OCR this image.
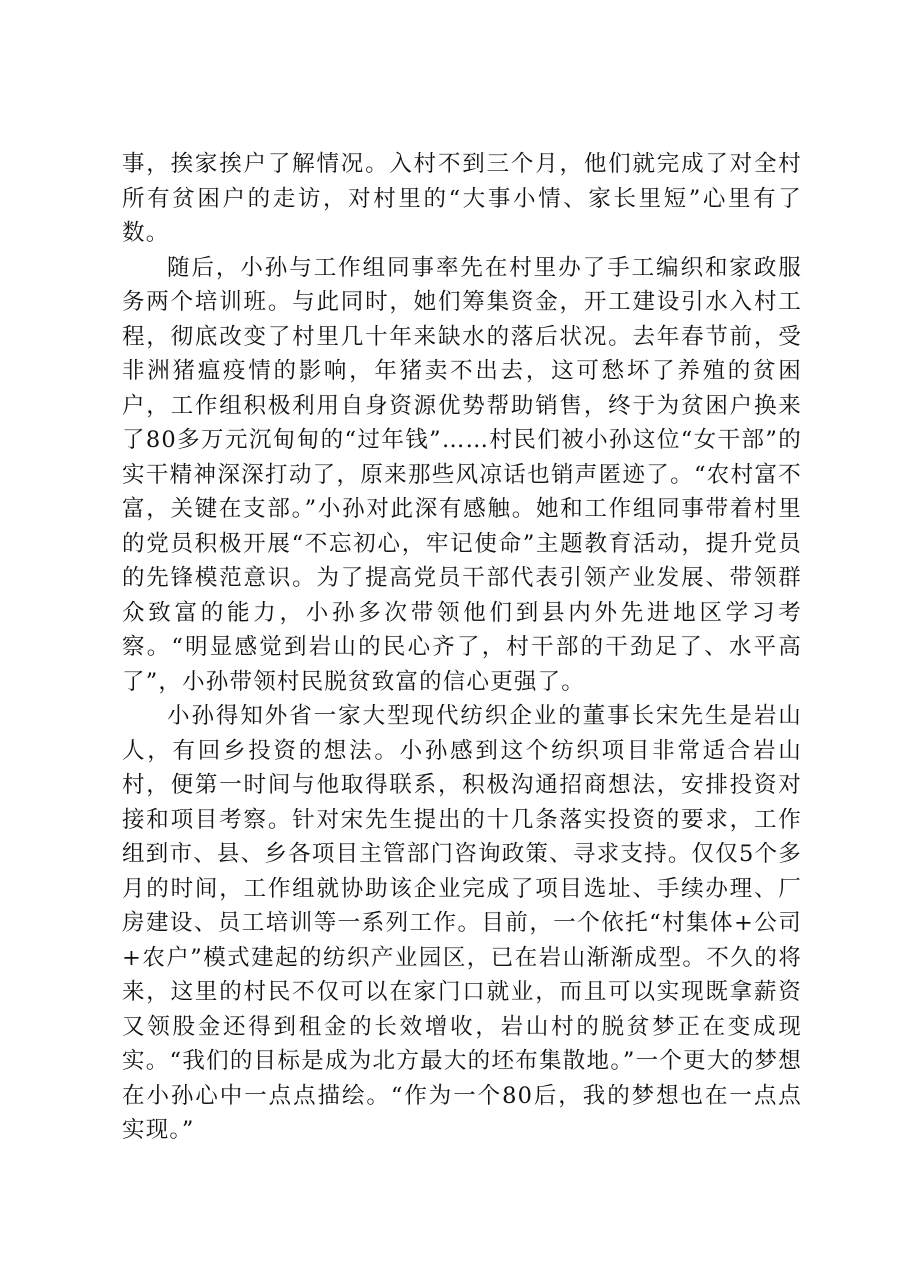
事，挨家挨户了解情况。入村不到三个月，他们就完成了对全村所有贫困户的走访，对村里的“大事小情、家长里短”心里有了数。

随后，小孙与工作组同事率先在村里办了手工编织和家政服务两个培训班。与此同时，她们筹集资金，开工建设引水入村工程，彻底改变了村里几十年来缺水的落后状况。去年春节前，受非洲猪瘟疫情的影响，年猪卖不出去，这可愁坏了养殖的贫困户，工作组积极利用自身资源优势帮助销售，终于为贫困户换来了80多万元沉甸甸的“过年钱”……村民们被小孙这位“女干部”的实干精神深深打动了，原来那些风凉话也销声匿迹了。“农村富不富，关键在支部。”小孙对此深有感触。她和工作组同事带着村里的党员积极开展“不忘初心，牢记使命”主题教育活动，提升党员的先锋模范意识。为了提高党员干部代表引领产业发展、带领群众致富的能力，小孙多次带领他们到县内外先进地区学习考察。“明显感觉到岩山的民心齐了，村干部的干劲足了、水平高了”，小孙带领村民脱贫致富的信心更强了。

小孙得知外省一家大型现代纺织企业的董事长宋先生是岩山人，有回乡投资的想法。小孙感到这个纺织项目非常适合岩山村，便第一时间与他取得联系，积极沟通招商想法，安排投资对接和项目考察。针对宋先生提出的十几条落实投资的要求，工作组到市、县、乡各项目主管部门咨询政策、寻求支持。仅仅5个多月的时间，工作组就协助该企业完成了项目选址、手续办理、厂房建设、员工培训等一系列工作。目前，一个依托“村集体+公司+农户”模式建起的纺织产业园区，已在岩山渐渐成型。不久的将来，这里的村民不仅可以在家门口就业，而且可以实现既拿薪资又领股金还得到租金的长效增收，岩山村的脱贫梦正在变成现实。“我们的目标是成为北方最大的坯布集散地。”一个更大的梦想在小孙心中一点点描绘。“作为一个80后，我的梦想也在一点点实现。”
